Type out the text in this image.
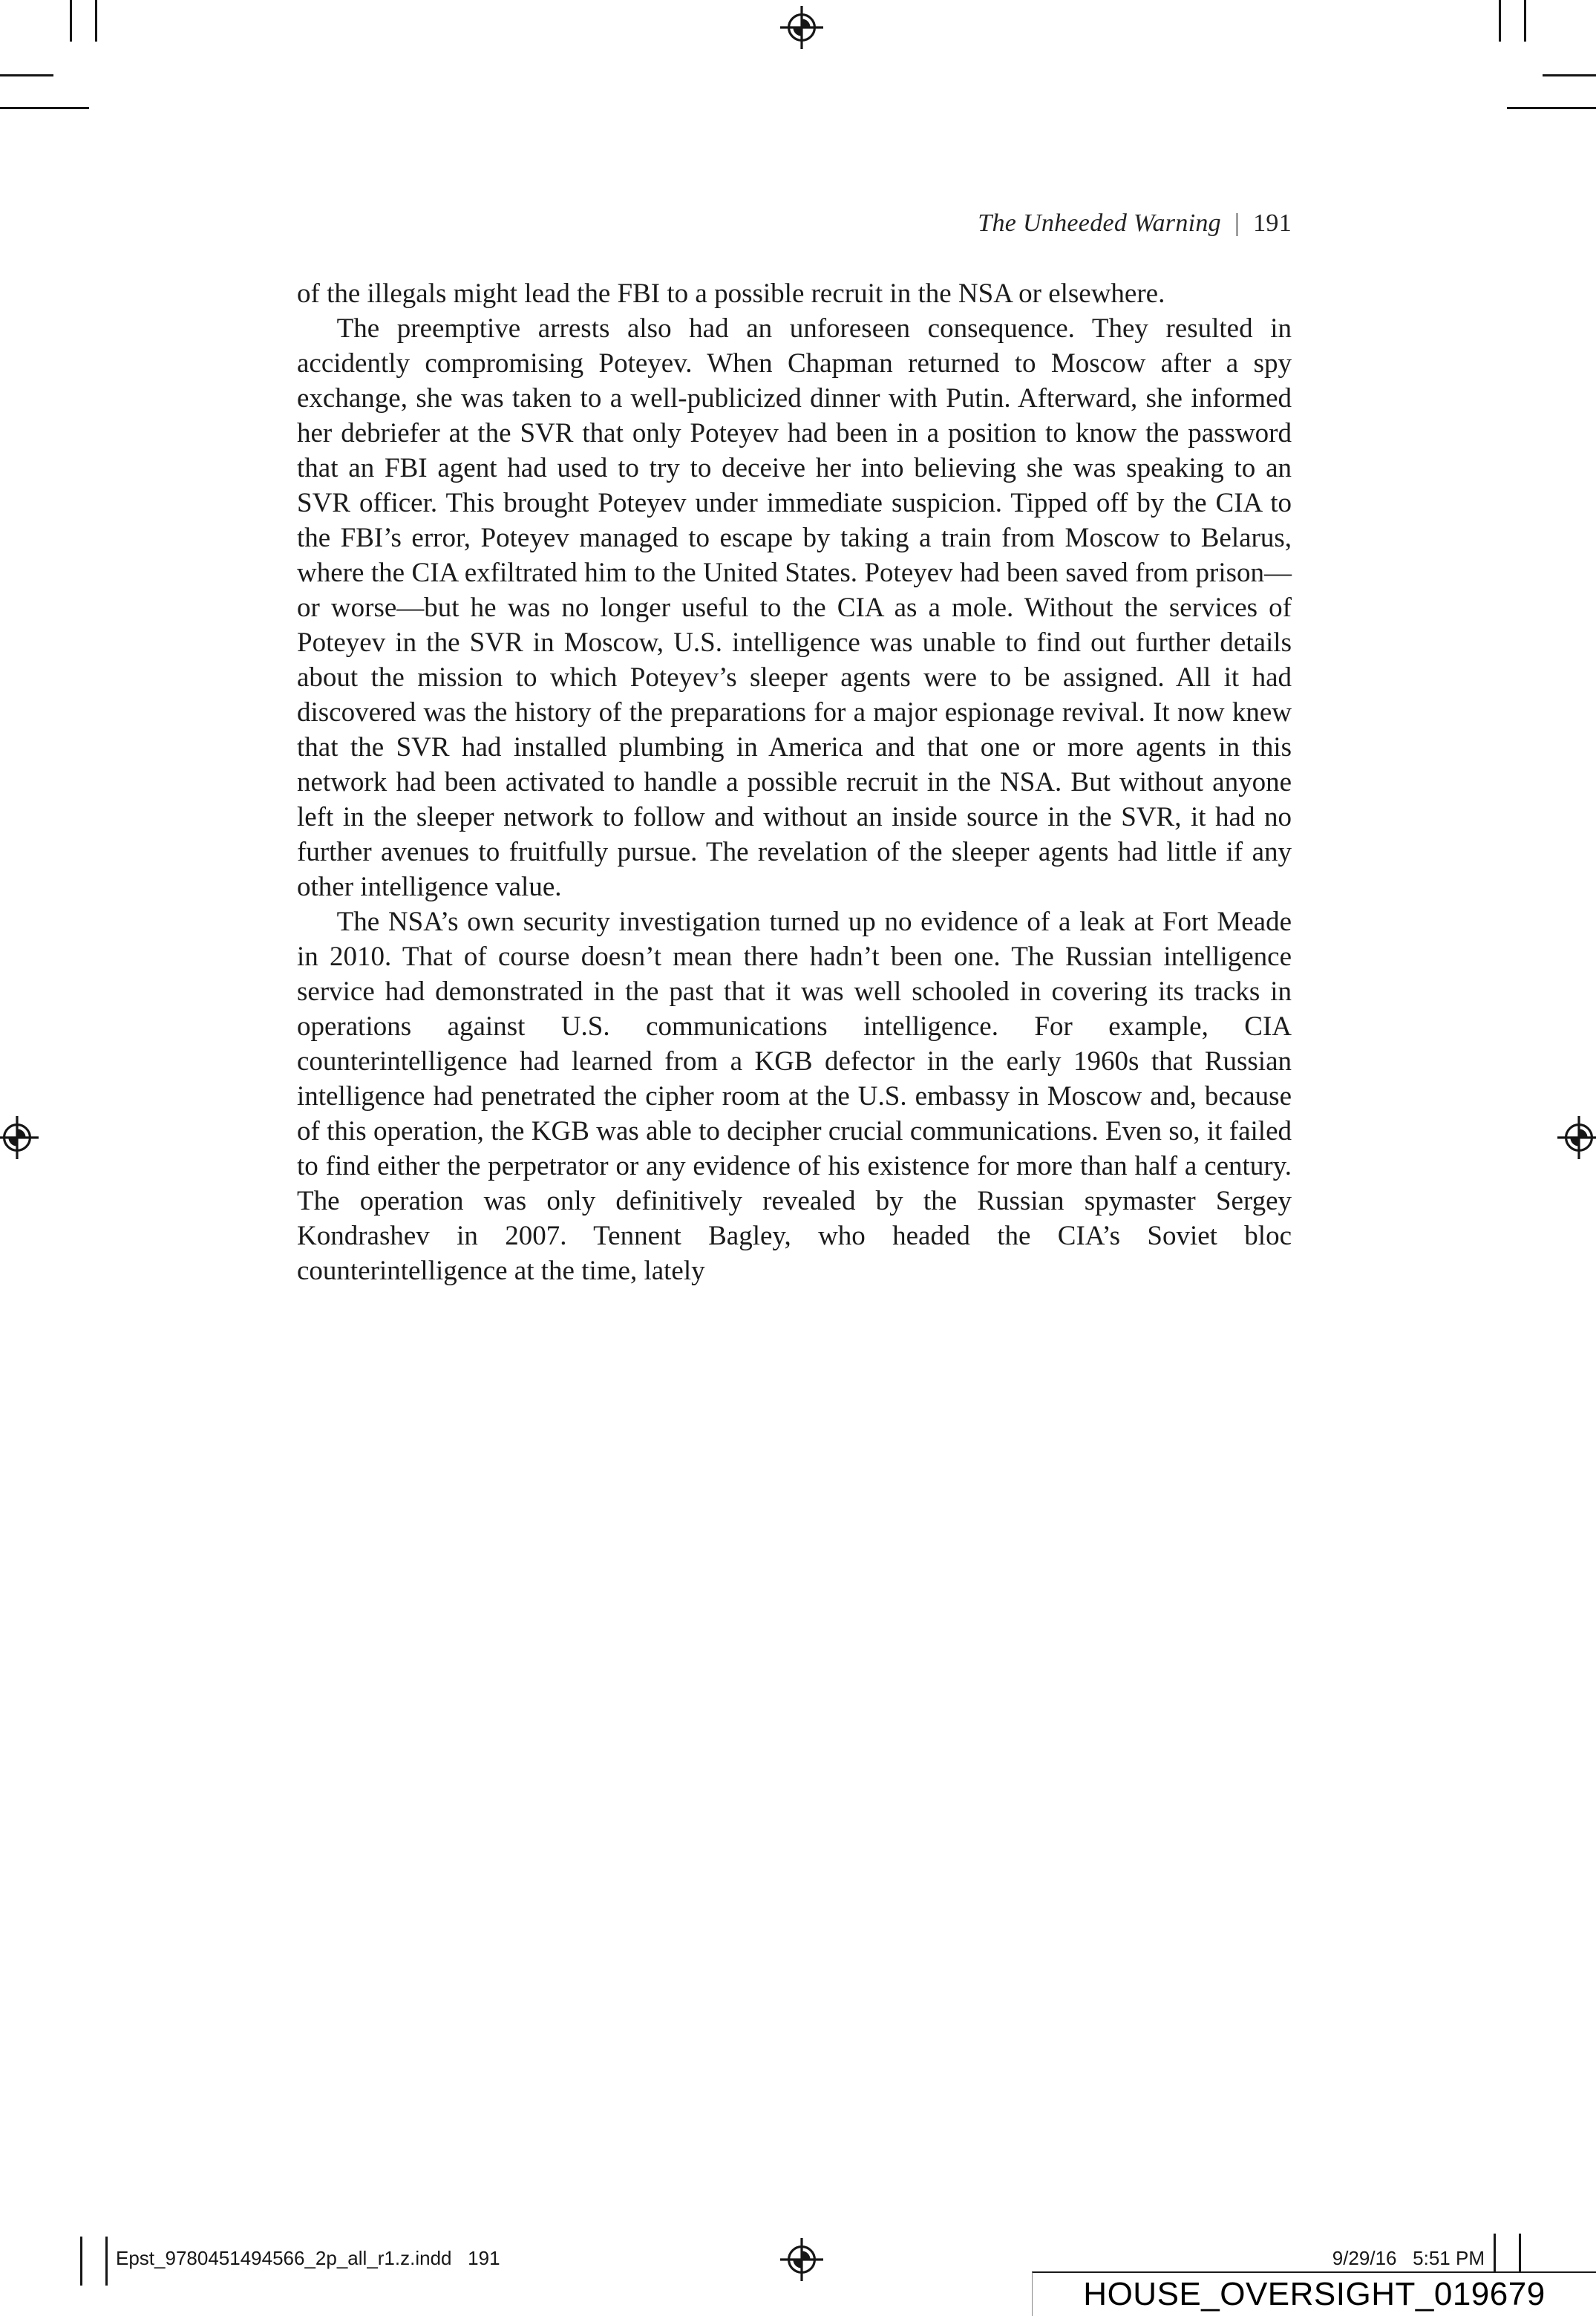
The Unheeded Warning | 191

of the illegals might lead the FBI to a possible recruit in the NSA or elsewhere.

The preemptive arrests also had an unforeseen consequence. They resulted in accidently compromising Poteyev. When Chapman returned to Moscow after a spy exchange, she was taken to a well-publicized dinner with Putin. Afterward, she informed her debriefer at the SVR that only Poteyev had been in a position to know the password that an FBI agent had used to try to deceive her into believing she was speaking to an SVR officer. This brought Poteyev under immediate suspicion. Tipped off by the CIA to the FBI’s error, Poteyev managed to escape by taking a train from Moscow to Belarus, where the CIA exfiltrated him to the United States. Poteyev had been saved from prison—or worse—but he was no longer useful to the CIA as a mole. Without the services of Poteyev in the SVR in Moscow, U.S. intelligence was unable to find out further details about the mission to which Poteyev’s sleeper agents were to be assigned. All it had discovered was the history of the preparations for a major espionage revival. It now knew that the SVR had installed plumbing in America and that one or more agents in this network had been activated to handle a possible recruit in the NSA. But without anyone left in the sleeper network to follow and without an inside source in the SVR, it had no further avenues to fruitfully pursue. The revelation of the sleeper agents had little if any other intelligence value.

The NSA’s own security investigation turned up no evidence of a leak at Fort Meade in 2010. That of course doesn’t mean there hadn’t been one. The Russian intelligence service had demonstrated in the past that it was well schooled in covering its tracks in operations against U.S. communications intelligence. For example, CIA counterintelligence had learned from a KGB defector in the early 1960s that Russian intelligence had penetrated the cipher room at the U.S. embassy in Moscow and, because of this operation, the KGB was able to decipher crucial communications. Even so, it failed to find either the perpetrator or any evidence of his existence for more than half a century. The operation was only definitively revealed by the Russian spymaster Sergey Kondrashev in 2007. Tennent Bagley, who headed the CIA’s Soviet bloc counterintelligence at the time, lately

Epst_9780451494566_2p_all_r1.z.indd   191	9/29/16   5:51 PM
HOUSE_OVERSIGHT_019679
